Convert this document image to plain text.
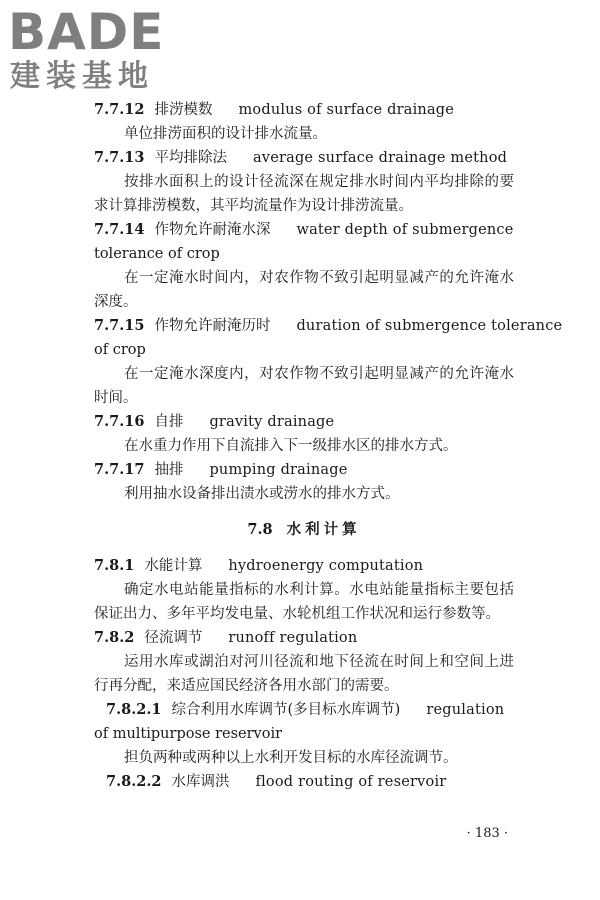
BADE
建装基地
7.7.12 排涝模数 modulus of surface drainage
单位排涝面积的设计排水流量。
7.7.13 平均排除法 average surface drainage method
按排水面积上的设计径流深在规定排水时间内平均排除的要
求计算排涝模数，其平均流量作为设计排涝流量。
7.7.14 作物允许耐淹水深 water depth of submergence
tolerance of crop
在一定淹水时间内，对农作物不致引起明显减产的允许淹水
深度。
7.7.15 作物允许耐淹历时 duration of submergence tolerance
of crop
在一定淹水深度内，对农作物不致引起明显减产的允许淹水
时间。
7.7.16 自排 gravity drainage
在水重力作用下自流排入下一级排水区的排水方式。
7.7.17 抽排 pumping drainage
利用抽水设备排出渍水或涝水的排水方式。
7.8 水利计算
7.8.1 水能计算 hydroenergy computation
确定水电站能量指标的水利计算。水电站能量指标主要包括
保证出力、多年平均发电量、水轮机组工作状况和运行参数等。
7.8.2 径流调节 runoff regulation
运用水库或湖泊对河川径流和地下径流在时间上和空间上进
行再分配，来适应国民经济各用水部门的需要。
7.8.2.1 综合利用水库调节(多目标水库调节) regulation
of multipurpose reservoir
担负两种或两种以上水利开发目标的水库径流调节。
7.8.2.2 水库调洪 flood routing of reservoir
· 183 ·
